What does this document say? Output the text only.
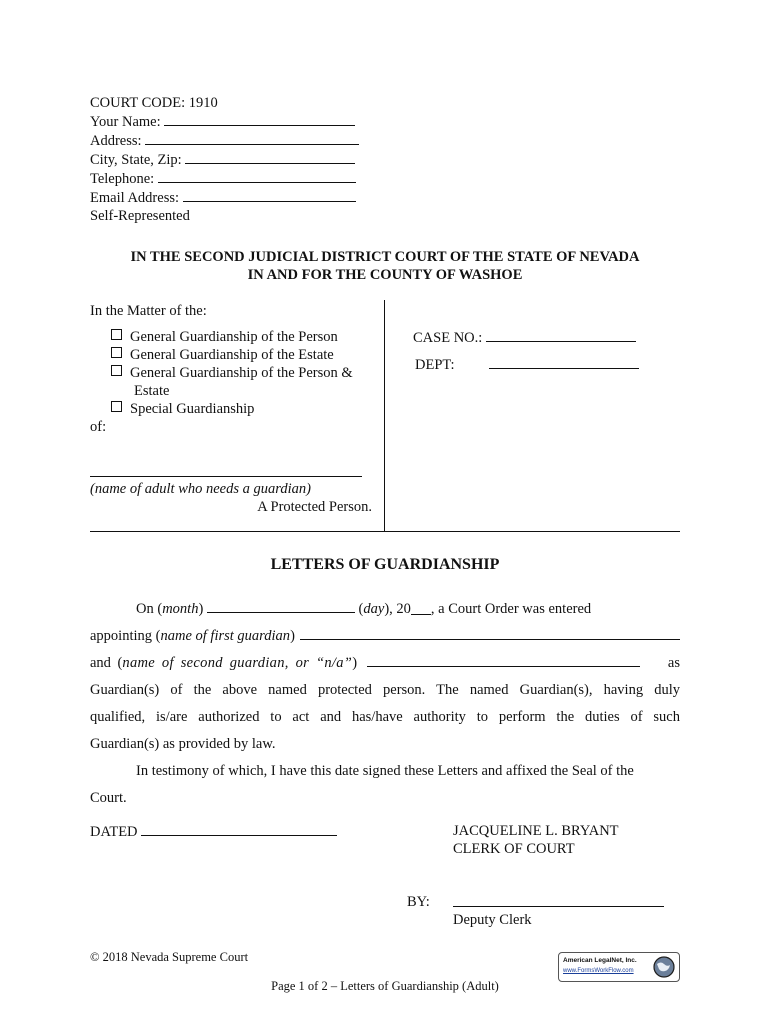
COURT CODE: 1910
Your Name:
Address:
City, State, Zip:
Telephone:
Email Address:
Self-Represented
IN THE SECOND JUDICIAL DISTRICT COURT OF THE STATE OF NEVADA
IN AND FOR THE COUNTY OF WASHOE
In the Matter of the:
General Guardianship of the Person
General Guardianship of the Estate
General Guardianship of the Person &
Estate
Special Guardianship
of:
(name of adult who needs a guardian)
A Protected Person.
CASE NO.:
DEPT:
LETTERS OF GUARDIANSHIP
On (month)	(day), 20 , a Court Order was entered
appointing ( name of first guardian )
and ( name of second guardian, or “n/a” )	as
Guardian(s) of the above named protected person. The named Guardian(s), having duly
qualified, is/are authorized to act and has/have authority to perform the duties of such
Guardian(s) as provided by law.
In testimony of which, I have this date signed these Letters and affixed the Seal of the
Court.
DATED	JACQUELINE L. BRYANT
CLERK OF COURT
BY:
Deputy Clerk
© 2018 Nevada Supreme Court
Page 1 of 2 – Letters of Guardianship (Adult)
American LegalNet, Inc.
www.FormsWorkFlow.com
